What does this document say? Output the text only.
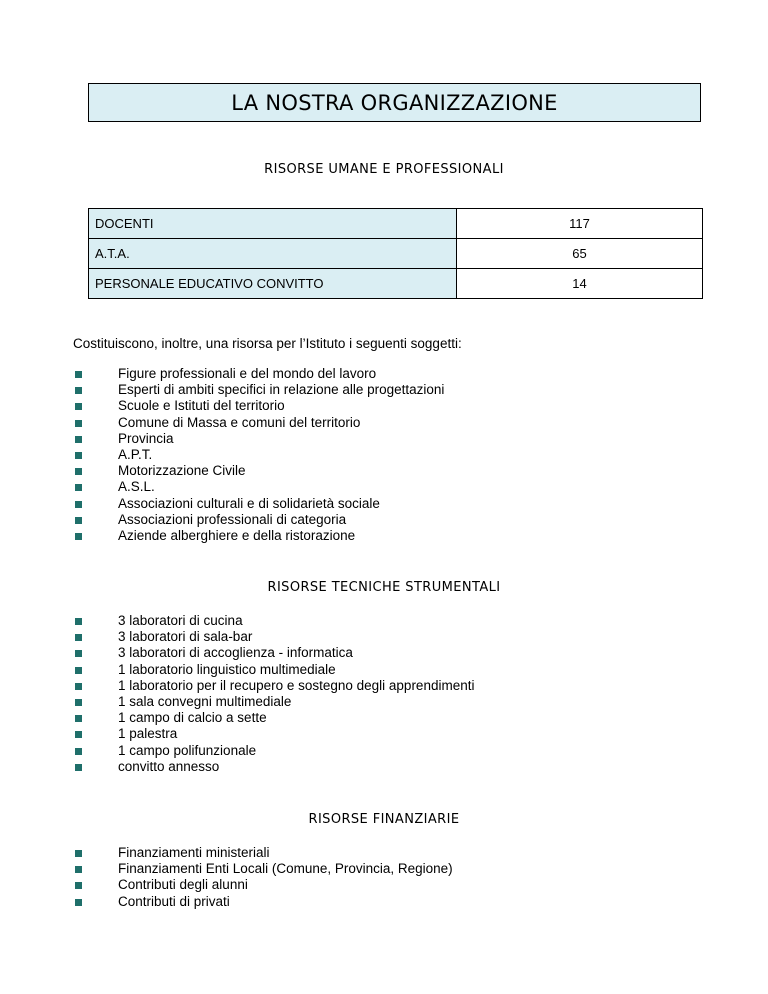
LA NOSTRA ORGANIZZAZIONE
RISORSE UMANE E PROFESSIONALI
DOCENTI	117
A.T.A.	65
PERSONALE EDUCATIVO CONVITTO	14
Costituiscono, inoltre, una risorsa per l’Istituto i seguenti soggetti:
Figure professionali e del mondo del lavoro
Esperti di ambiti specifici in relazione alle progettazioni
Scuole e Istituti del territorio
Comune di Massa e comuni del territorio
Provincia
A.P.T.
Motorizzazione Civile
A.S.L.
Associazioni culturali e di solidarietà sociale
Associazioni professionali di categoria
Aziende alberghiere e della ristorazione
RISORSE TECNICHE STRUMENTALI
3 laboratori di cucina
3 laboratori di sala-bar
3 laboratori di accoglienza - informatica
1 laboratorio linguistico multimediale
1 laboratorio per il recupero e sostegno degli apprendimenti
1 sala convegni multimediale
1 campo di calcio a sette
1 palestra
1 campo polifunzionale
convitto annesso
RISORSE FINANZIARIE
Finanziamenti ministeriali
Finanziamenti Enti Locali (Comune, Provincia, Regione)
Contributi degli alunni
Contributi di privati
